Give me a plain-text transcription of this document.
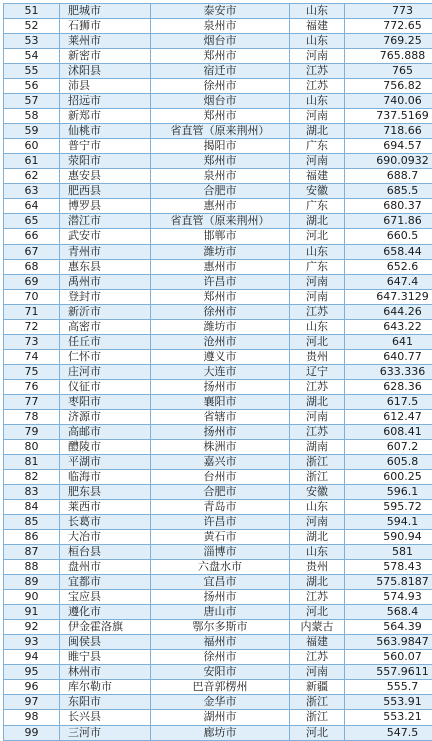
51	肥城市	泰安市	山东	773
52	石狮市	泉州市	福建	772.65
53	莱州市	烟台市	山东	769.25
54	新密市	郑州市	河南	765.888
55	沭阳县	宿迁市	江苏	765
56	沛县	徐州市	江苏	756.82
57	招远市	烟台市	山东	740.06
58	新郑市	郑州市	河南	737.5169
59	仙桃市	省直管（原来荆州）	湖北	718.66
60	普宁市	揭阳市	广东	694.57
61	荥阳市	郑州市	河南	690.0932
62	惠安县	泉州市	福建	688.7
63	肥西县	合肥市	安徽	685.5
64	博罗县	惠州市	广东	680.37
65	潜江市	省直管（原来荆州）	湖北	671.86
66	武安市	邯郸市	河北	660.5
67	青州市	潍坊市	山东	658.44
68	惠东县	惠州市	广东	652.6
69	禹州市	许昌市	河南	647.4
70	登封市	郑州市	河南	647.3129
71	新沂市	徐州市	江苏	644.26
72	高密市	潍坊市	山东	643.22
73	任丘市	沧州市	河北	641
74	仁怀市	遵义市	贵州	640.77
75	庄河市	大连市	辽宁	633.336
76	仪征市	扬州市	江苏	628.36
77	枣阳市	襄阳市	湖北	617.5
78	济源市	省辖市	河南	612.47
79	高邮市	扬州市	江苏	608.41
80	醴陵市	株洲市	湖南	607.2
81	平湖市	嘉兴市	浙江	605.8
82	临海市	台州市	浙江	600.25
83	肥东县	合肥市	安徽	596.1
84	莱西市	青岛市	山东	595.72
85	长葛市	许昌市	河南	594.1
86	大冶市	黄石市	湖北	590.94
87	桓台县	淄博市	山东	581
88	盘州市	六盘水市	贵州	578.43
89	宜都市	宜昌市	湖北	575.8187
90	宝应县	扬州市	江苏	574.93
91	遵化市	唐山市	河北	568.4
92	伊金霍洛旗	鄂尔多斯市	内蒙古	564.39
93	闽侯县	福州市	福建	563.9847
94	睢宁县	徐州市	江苏	560.07
95	林州市	安阳市	河南	557.9611
96	库尔勒市	巴音郭楞州	新疆	555.7
97	东阳市	金华市	浙江	553.91
98	长兴县	湖州市	浙江	553.21
99	三河市	廊坊市	河北	547.5
